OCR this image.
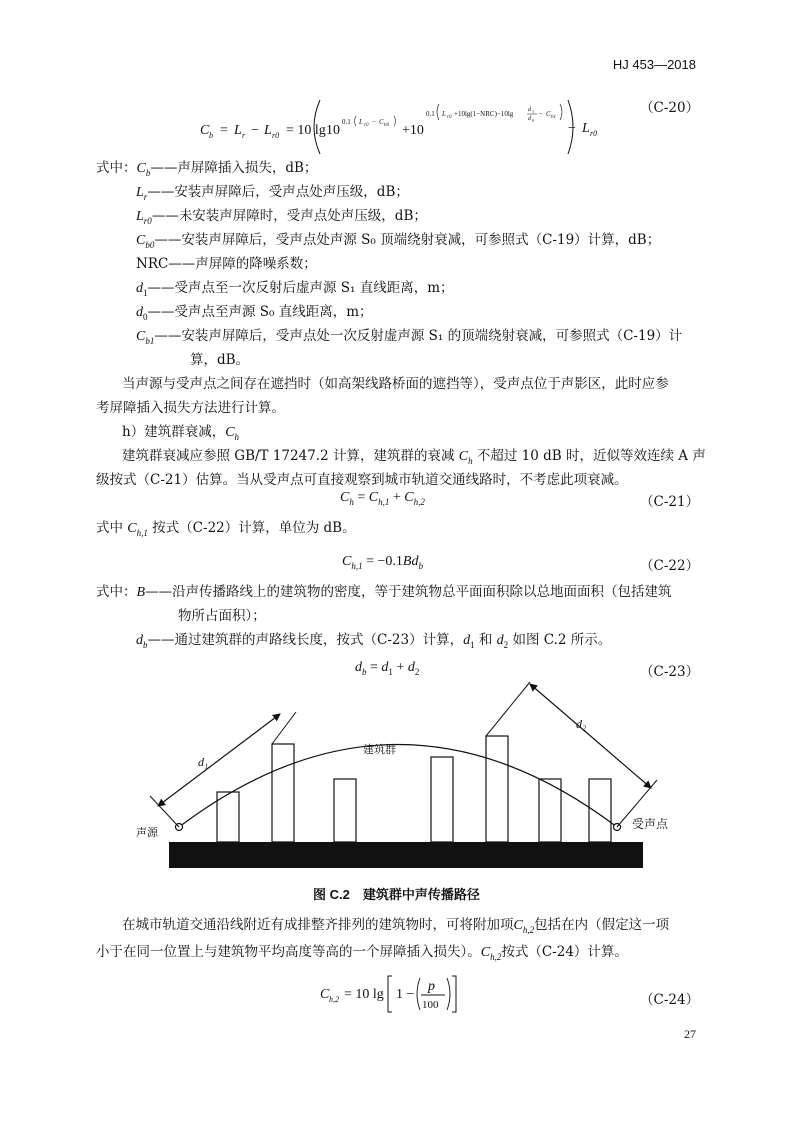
HJ 453—2018
（C-20）
C b = L r − L r0 = 10 lg 10
0.1 L r0 − C b0 +10
0.1 L r0 +10lg(1−NRC)−10lg d 1
d 0
− C b1
− L r0
式中：$C_b——$声屏障插入损失，dB；
$L_r——$安装声屏障后，受声点处声压级，dB；
$L_{r0}——$未安装声屏障时，受声点处声压级，dB；
$C_{b0}——$安装声屏障后，受声点处声源 S₀ 顶端绕射衰减，可参照式（C-19）计算，dB；
NRC——声屏障的降噪系数；
$d_1——$受声点至一次反射后虚声源 S₁ 直线距离，m；
$d_0——$受声点至声源 S₀ 直线距离，m；
$C_{b1}——$安装声屏障后，受声点处一次反射虚声源 S₁ 的顶端绕射衰减，可参照式（C-19）计
算，dB。
当声源与受声点之间存在遮挡时（如高架线路桥面的遮挡等），受声点位于声影区，此时应参
考屏障插入损失方法进行计算。
h）建筑群衰减，$C_h$
建筑群衰减应参照 GB/T 17247.2 计算，建筑群的衰减 $C_h$ 不超过 10 dB 时，近似等效连续 A 声
级按式（C-21）估算。当从受声点可直接观察到城市轨道交通线路时，不考虑此项衰减。
$C_h = C_{h,1} + C_{h,2}$	（C-21）
式中 $C_{h,1}$ 按式（C-22）计算，单位为 dB。
$C_{h,1} = -0.1Bd_b$	（C-22）
式中：B——沿声传播路线上的建筑物的密度，等于建筑物总平面面积除以总地面面积（包括建筑
物所占面积）；
$d_b——$通过建筑群的声路线长度，按式（C-23）计算，$d_1$ 和 $d_2$ 如图 C.2 所示。
$d_b = d_1 + d_2$	（C-23）
声源
受声点
建筑群
d₁
d₂
图 C.2　建筑群中声传播路径
在城市轨道交通沿线附近有成排整齐排列的建筑物时，可将附加项$C_{h,2}$包括在内（假定这一项
小于在同一位置上与建筑物平均高度等高的一个屏障插入损失）。$C_{h,2}$按式（C-24）计算。
C h,2 = 10 lg 1 −
p
100	（C-24）
27
